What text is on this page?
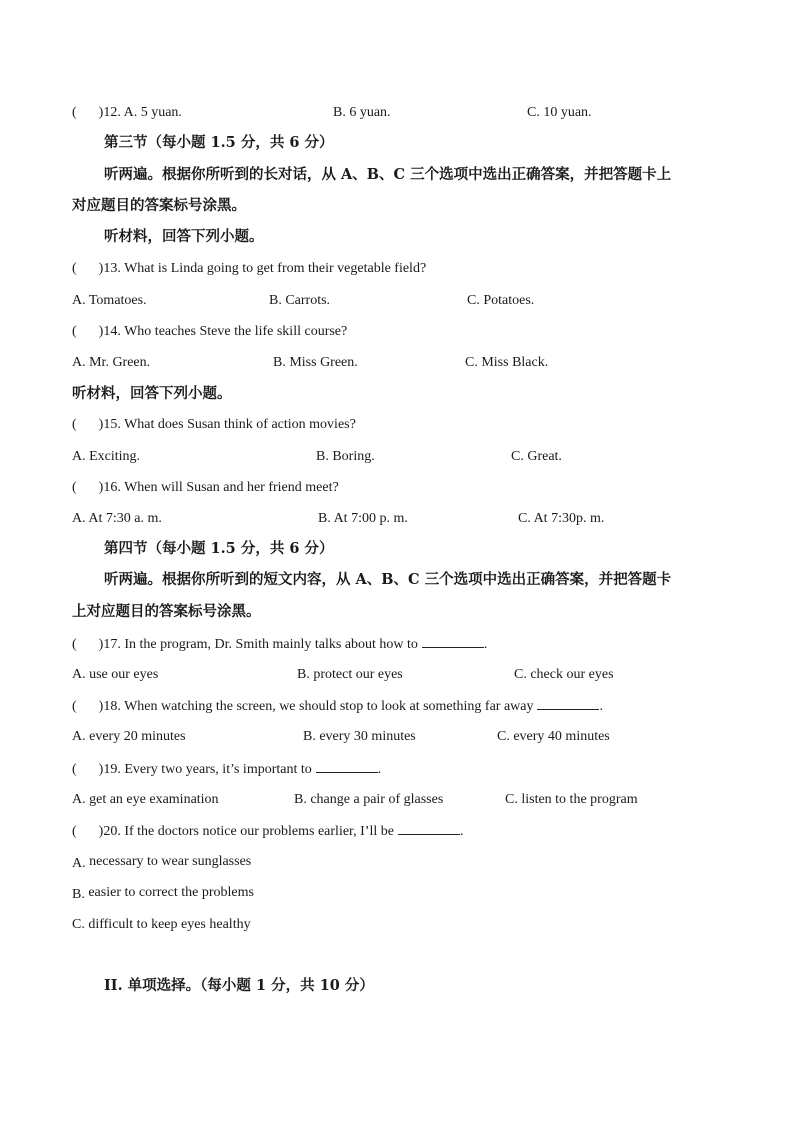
( )12. A. 5 yuan.	B. 6 yuan.	C. 10 yuan.
第三节（每小题 1.5 分，共 6 分）
听两遍。根据你所听到的长对话，从 A、B、C 三个选项中选出正确答案，并把答题卡上
对应题目的答案标号涂黑。
听材料，回答下列小题。
( )13. What is Linda going to get from their vegetable field?
A. Tomatoes.	B. Carrots.	C. Potatoes.
( )14. Who teaches Steve the life skill course?
A. Mr. Green.	B. Miss Green.	C. Miss Black.
听材料，回答下列小题。
( )15. What does Susan think of action movies?
A. Exciting.	B. Boring.	C. Great.
( )16. When will Susan and her friend meet?
A. At 7:30 a. m.	B. At 7:00 p. m.	C. At 7:30p. m.
第四节（每小题 1.5 分，共 6 分）
听两遍。根据你所听到的短文内容，从 A、B、C 三个选项中选出正确答案，并把答题卡
上对应题目的答案标号涂黑。
( )17. In the program, Dr. Smith mainly talks about how to	.
A. use our eyes	B. protect our eyes	C. check our eyes
( )18. When watching the screen, we should stop to look at something far away	.
A. every 20 minutes	B. every 30 minutes	C. every 40 minutes
( )19. Every two years, it’s important to	.
A. get an eye examination	B. change a pair of glasses	C. listen to the program
( )20. If the doctors notice our problems earlier, I’ll be	.
A. necessary to wear sunglasses
B. easier to correct the problems
C. difficult to keep eyes healthy
II. 单项选择。（每小题 1 分，共 10 分）
